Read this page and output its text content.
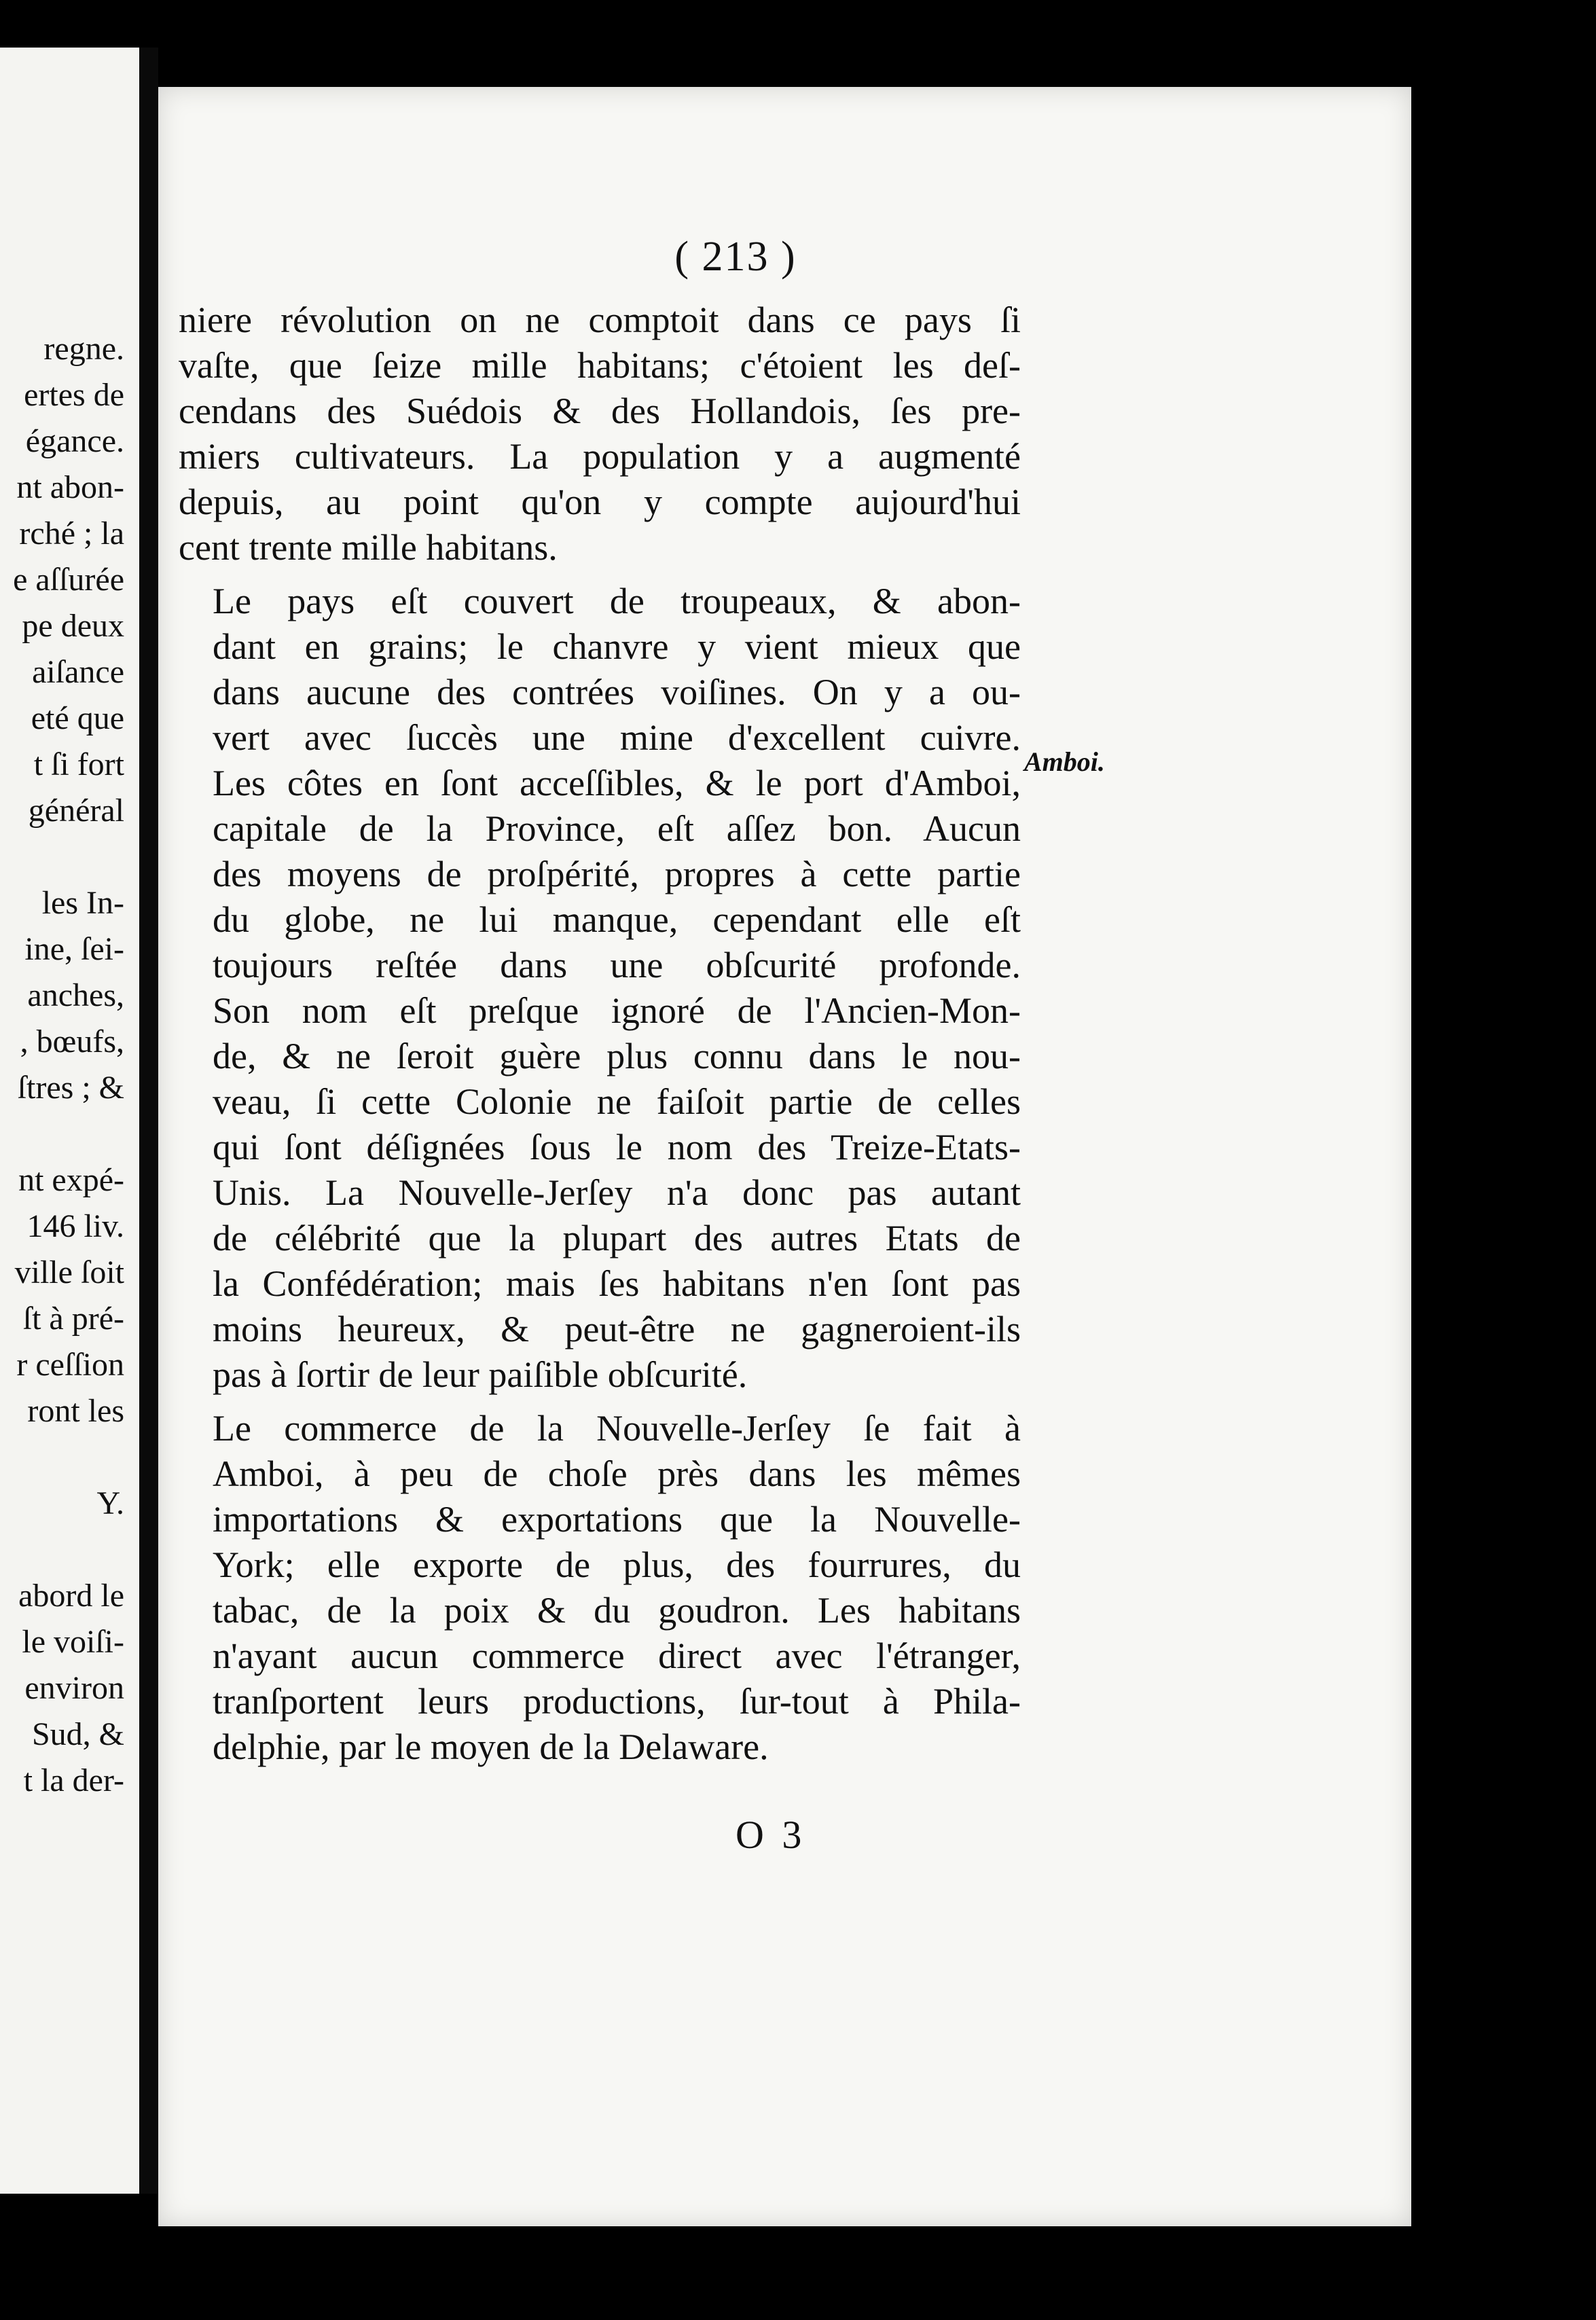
regne.
ertes de
égance.
nt abon-
rché ; la
e aſſurée
pe deux
aiſance
eté que
t ſi fort
général
les In-
ine, ſei-
anches,
, bœufs,
ſtres ; &
nt expé-
146 liv.
ville ſoit
ſt à pré-
r ceſſion
ront les
Y.
abord le
le voiſi-
environ
Sud, &
t la der-
( 213 )

niere révolution on ne comptoit dans ce pays ſi
vaſte, que ſeize mille habitans; c'étoient les deſ-
cendans des Suédois & des Hollandois, ſes pre-
miers cultivateurs. La population y a augmenté
depuis, au point qu'on y compte aujourd'hui
cent trente mille habitans.

Le pays eſt couvert de troupeaux, & abon-
dant en grains; le chanvre y vient mieux que
dans aucune des contrées voiſines. On y a ou-
vert avec ſuccès une mine d'excellent cuivre.
Les côtes en ſont acceſſibles, & le port d'Amboi,
capitale de la Province, eſt aſſez bon. Aucun
des moyens de proſpérité, propres à cette partie
du globe, ne lui manque, cependant elle eſt
toujours reſtée dans une obſcurité profonde.
Son nom eſt preſque ignoré de l'Ancien-Mon-
de, & ne ſeroit guère plus connu dans le nou-
veau, ſi cette Colonie ne faiſoit partie de celles
qui ſont déſignées ſous le nom des Treize-Etats-
Unis. La Nouvelle-Jerſey n'a donc pas autant
de célébrité que la plupart des autres Etats de
la Confédération; mais ſes habitans n'en ſont pas
moins heureux, & peut-être ne gagneroient-ils
pas à ſortir de leur paiſible obſcurité.

Le commerce de la Nouvelle-Jerſey ſe fait à
Amboi, à peu de choſe près dans les mêmes
importations & exportations que la Nouvelle-
York; elle exporte de plus, des fourrures, du
tabac, de la poix & du goudron. Les habitans
n'ayant aucun commerce direct avec l'étranger,
tranſportent leurs productions, ſur-tout à Phila-
delphie, par le moyen de la Delaware.

Amboi.
O 3
